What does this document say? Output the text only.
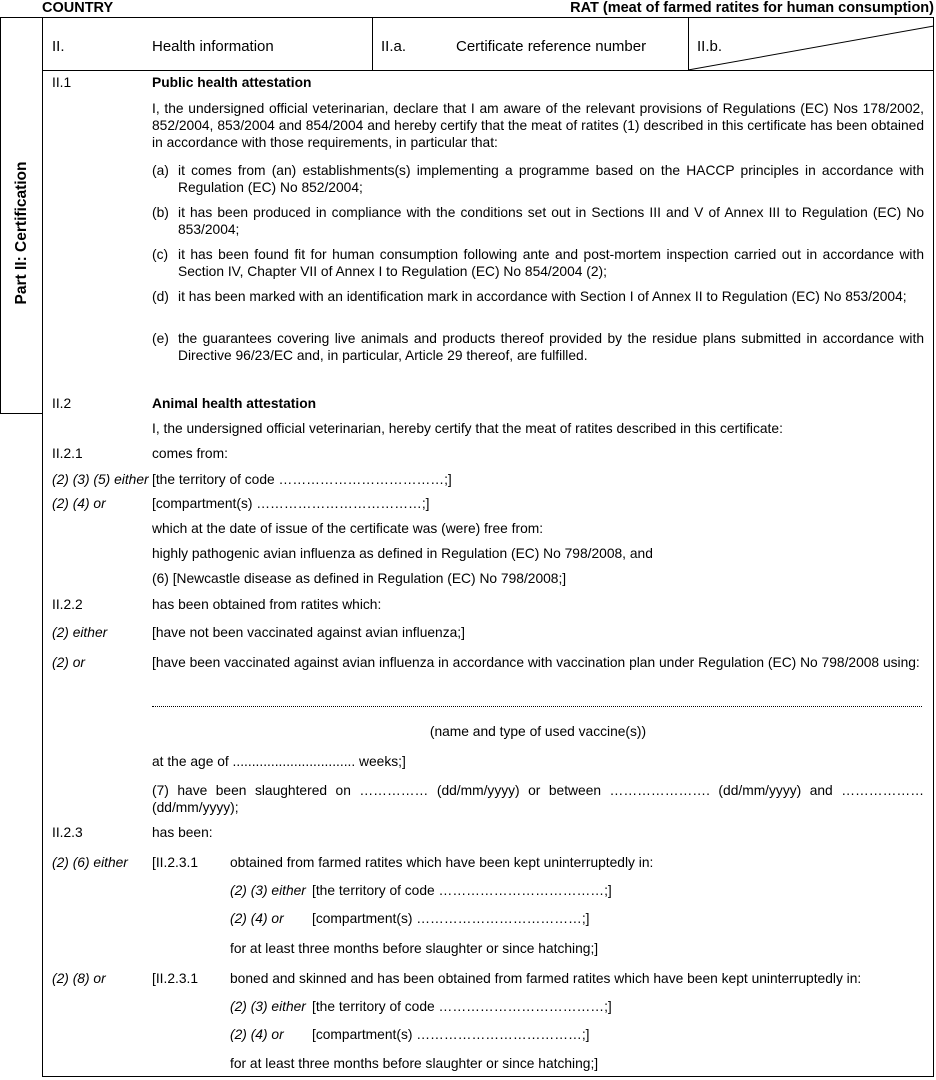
COUNTRY	RAT (meat of farmed ratites for human consumption)
Part II: Certification
II.	Health information	II.a.	Certificate reference number	II.b.
II.1	Public health attestation
I, the undersigned official veterinarian, declare that I am aware of the relevant provisions of Regulations (EC) Nos 178/2002, 852/2004, 853/2004 and 854/2004 and hereby certify that the meat of ratites (1) described in this certificate has been obtained in accordance with those requirements, in particular that:
(a) it comes from (an) establishments(s) implementing a programme based on the HACCP principles in accordance with Regulation (EC) No 852/2004;
(b) it has been produced in compliance with the conditions set out in Sections III and V of Annex III to Regulation (EC) No 853/2004;
(c) it has been found fit for human consumption following ante and post-mortem inspection carried out in accordance with Section IV, Chapter VII of Annex I to Regulation (EC) No 854/2004 (2);
(d) it has been marked with an identification mark in accordance with Section I of Annex II to Regulation (EC) No 853/2004;
(e) the guarantees covering live animals and products thereof provided by the residue plans submitted in accordance with Directive 96/23/EC and, in particular, Article 29 thereof, are fulfilled.
II.2	Animal health attestation
I, the undersigned official veterinarian, hereby certify that the meat of ratites described in this certificate:
II.2.1	comes from:
(2) (3) (5) either [the territory of code ………………………………;]
(2) (4) or	[compartment(s) ………………………………;]
which at the date of issue of the certificate was (were) free from:
highly pathogenic avian influenza as defined in Regulation (EC) No 798/2008, and
(6) [Newcastle disease as defined in Regulation (EC) No 798/2008;]
II.2.2	has been obtained from ratites which:
(2) either	[have not been vaccinated against avian influenza;]
(2) or	[have been vaccinated against avian influenza in accordance with vaccination plan under Regulation (EC) No 798/2008 using:
(name and type of used vaccine(s))
at the age of ................................ weeks;]
(7) have been slaughtered on …………… (dd/mm/yyyy) or between …………………. (dd/mm/yyyy) and ……………… (dd/mm/yyyy);
II.2.3	has been:
(2) (6) either [II.2.3.1 obtained from farmed ratites which have been kept uninterruptedly in:
(2) (3) either [the territory of code ………………………………;]
(2) (4) or [compartment(s) ………………………………;]
for at least three months before slaughter or since hatching;]
(2) (8) or	[II.2.3.1 boned and skinned and has been obtained from farmed ratites which have been kept uninterruptedly in:
(2) (3) either [the territory of code ………………………………;]
(2) (4) or [compartment(s) ………………………………;]
for at least three months before slaughter or since hatching;]
